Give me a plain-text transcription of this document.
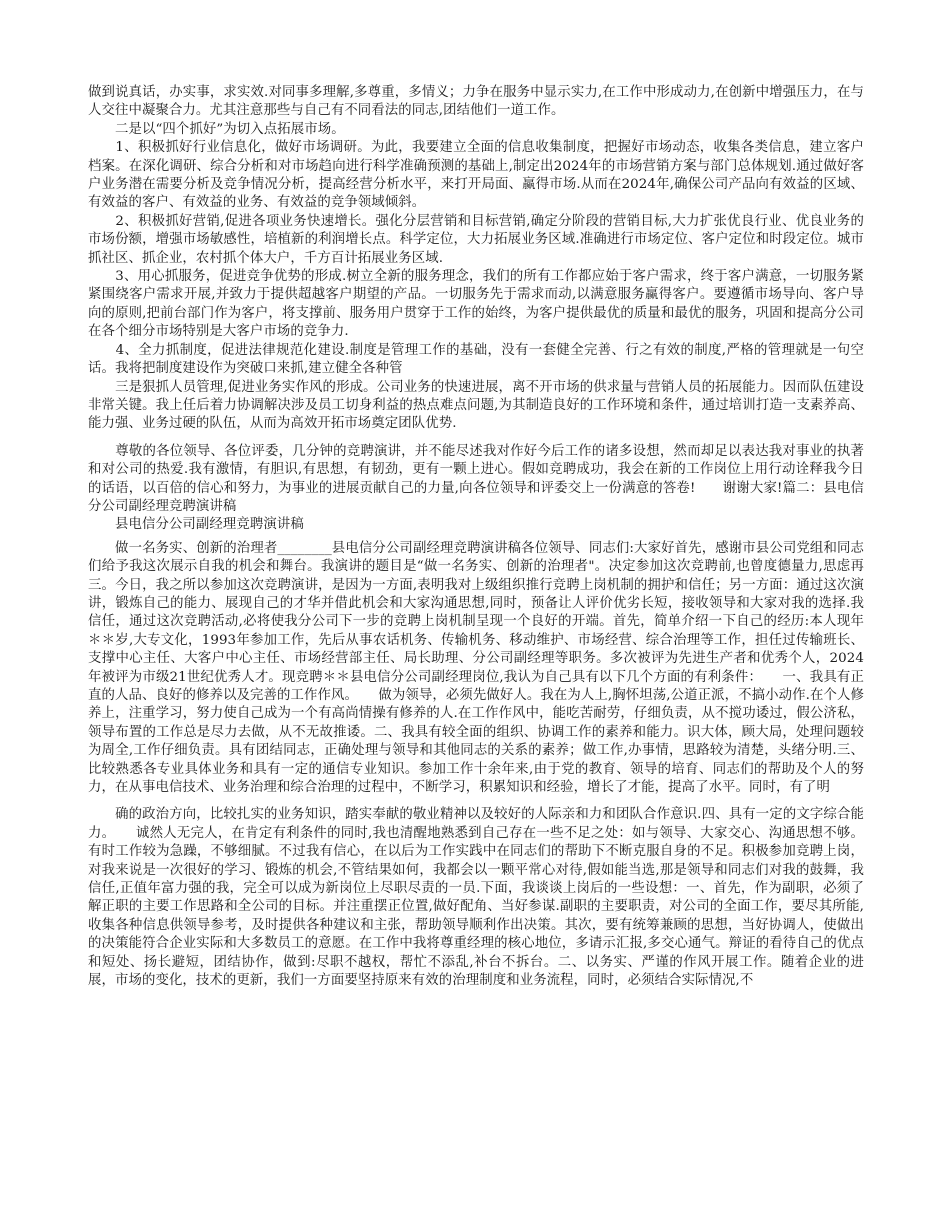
做到说真话，办实事，求实效.对同事多理解,多尊重，多情义；力争在服务中显示实力,在工作中形成动力,在创新中增强压力，在与人交往中凝聚合力。尤其注意那些与自己有不同看法的同志,团结他们一道工作。

　　二是以“四个抓好”为切入点拓展市场。

　　1、积极抓好行业信息化，做好市场调研。为此，我要建立全面的信息收集制度，把握好市场动态，收集各类信息，建立客户档案。在深化调研、综合分析和对市场趋向进行科学准确预测的基础上,制定出2024年的市场营销方案与部门总体规划.通过做好客户业务潜在需要分析及竞争情况分析，提高经营分析水平，来打开局面、赢得市场.从而在2024年,确保公司产品向有效益的区域、有效益的客户、有效益的业务、有效益的竞争领域倾斜。

　　2、积极抓好营销,促进各项业务快速增长。强化分层营销和目标营销,确定分阶段的营销目标,大力扩张优良行业、优良业务的市场份额，增强市场敏感性，培植新的利润增长点。科学定位，大力拓展业务区域.准确进行市场定位、客户定位和时段定位。城市抓社区、抓企业，农村抓个体大户，千方百计拓展业务区域.

　　3、用心抓服务，促进竞争优势的形成.树立全新的服务理念，我们的所有工作都应始于客户需求，终于客户满意，一切服务紧紧围绕客户需求开展,并致力于提供超越客户期望的产品。一切服务先于需求而动,以满意服务赢得客户。要遵循市场导向、客户导向的原则,把前台部门作为客户，将支撑前、服务用户贯穿于工作的始终，为客户提供最优的质量和最优的服务，巩固和提高分公司在各个细分市场特别是大客户市场的竞争力.

　　4、全力抓制度，促进法律规范化建设.制度是管理工作的基础，没有一套健全完善、行之有效的制度,严格的管理就是一句空话。我将把制度建设作为突破口来抓,建立健全各种管

　　三是狠抓人员管理,促进业务实作风的形成。公司业务的快速进展，离不开市场的供求量与营销人员的拓展能力。因而队伍建设非常关键。我上任后着力协调解决涉及员工切身利益的热点难点问题,为其制造良好的工作环境和条件，通过培训打造一支素养高、能力强、业务过硬的队伍，从而为高效开拓市场奠定团队优势.

　　尊敬的各位领导、各位评委，几分钟的竞聘演讲，并不能尽述我对作好今后工作的诸多设想，然而却足以表达我对事业的执著和对公司的热爱.我有激情，有胆识,有思想，有韧劲，更有一颗上进心。假如竞聘成功，我会在新的工作岗位上用行动诠释我今日的话语，以百倍的信心和努力，为事业的进展贡献自己的力量,向各位领导和评委交上一份满意的答卷!　　谢谢大家!篇二：县电信分公司副经理竞聘演讲稿

　　县电信分公司副经理竞聘演讲稿

　　做一名务实、创新的治理者________县电信分公司副经理竞聘演讲稿各位领导、同志们:大家好首先，感谢市县公司党组和同志们给予我这次展示自我的机会和舞台。我演讲的题目是“做一名务实、创新的治理者"。决定参加这次竞聘前,也曾度德量力,思虑再三。今日，我之所以参加这次竞聘演讲，是因为一方面,表明我对上级组织推行竞聘上岗机制的拥护和信任；另一方面：通过这次演讲，锻炼自己的能力、展现自己的才华并借此机会和大家沟通思想,同时，预备让人评价优劣长短，接收领导和大家对我的选择.我信任，通过这次竞聘活动,必将使我分公司下一步的竞聘上岗机制呈现一个良好的开端。首先，简单介绍一下自己的经历:本人现年＊＊岁,大专文化，1993年参加工作，先后从事农话机务、传输机务、移动维护、市场经营、综合治理等工作，担任过传输班长、支撑中心主任、大客户中心主任、市场经营部主任、局长助理、分公司副经理等职务。多次被评为先进生产者和优秀个人，2024年被评为市级21世纪优秀人才。现竞聘＊＊县电信分公司副经理岗位,我认为自己具有以下几个方面的有利条件：　　一、我具有正直的人品、良好的修养以及完善的工作作风。　　做为领导，必须先做好人。我在为人上,胸怀坦荡,公道正派，不搞小动作.在个人修养上，注重学习，努力使自己成为一个有高尚情操有修养的人.在工作作风中，能吃苦耐劳，仔细负责，从不搅功诿过，假公济私，领导布置的工作总是尽力去做，从不无故推诿。二、我具有较全面的组织、协调工作的素养和能力。识大体，顾大局，处理问题较为周全,工作仔细负责。具有团结同志，正确处理与领导和其他同志的关系的素养；做工作,办事情，思路较为清楚，头绪分明.三、比较熟悉各专业具体业务和具有一定的通信专业知识。参加工作十余年来,由于党的教育、领导的培育、同志们的帮助及个人的努力，在从事电信技术、业务治理和综合治理的过程中，不断学习，积累知识和经验，增长了才能，提高了水平。同时，有了明

　　确的政治方向，比较扎实的业务知识，踏实奉献的敬业精神以及较好的人际亲和力和团队合作意识.四、具有一定的文字综合能力。　　诚然人无完人，在肯定有利条件的同时,我也清醒地熟悉到自己存在一些不足之处：如与领导、大家交心、沟通思想不够。有时工作较为急躁，不够细腻。不过我有信心，在以后为工作实践中在同志们的帮助下不断克服自身的不足。积极参加竞聘上岗，对我来说是一次很好的学习、锻炼的机会,不管结果如何，我都会以一颗平常心对待,假如能当选,那是领导和同志们对我的鼓舞，我信任,正值年富力强的我，完全可以成为新岗位上尽职尽责的一员.下面，我谈谈上岗后的一些设想：一、首先，作为副职，必须了解正职的主要工作思路和全公司的目标。并注重摆正位置,做好配角、当好参谋.副职的主要职责，对公司的全面工作，要尽其所能,收集各种信息供领导参考，及时提供各种建议和主张，帮助领导顺利作出决策。其次，要有统筹兼顾的思想，当好协调人，使做出的决策能符合企业实际和大多数员工的意愿。在工作中我将尊重经理的核心地位，多请示汇报,多交心通气。辩证的看待自己的优点和短处、扬长避短，团结协作，做到:尽职不越权，帮忙不添乱,补台不拆台。二、以务实、严谨的作风开展工作。随着企业的进展，市场的变化，技术的更新，我们一方面要坚持原来有效的治理制度和业务流程，同时，必须结合实际情况,不
